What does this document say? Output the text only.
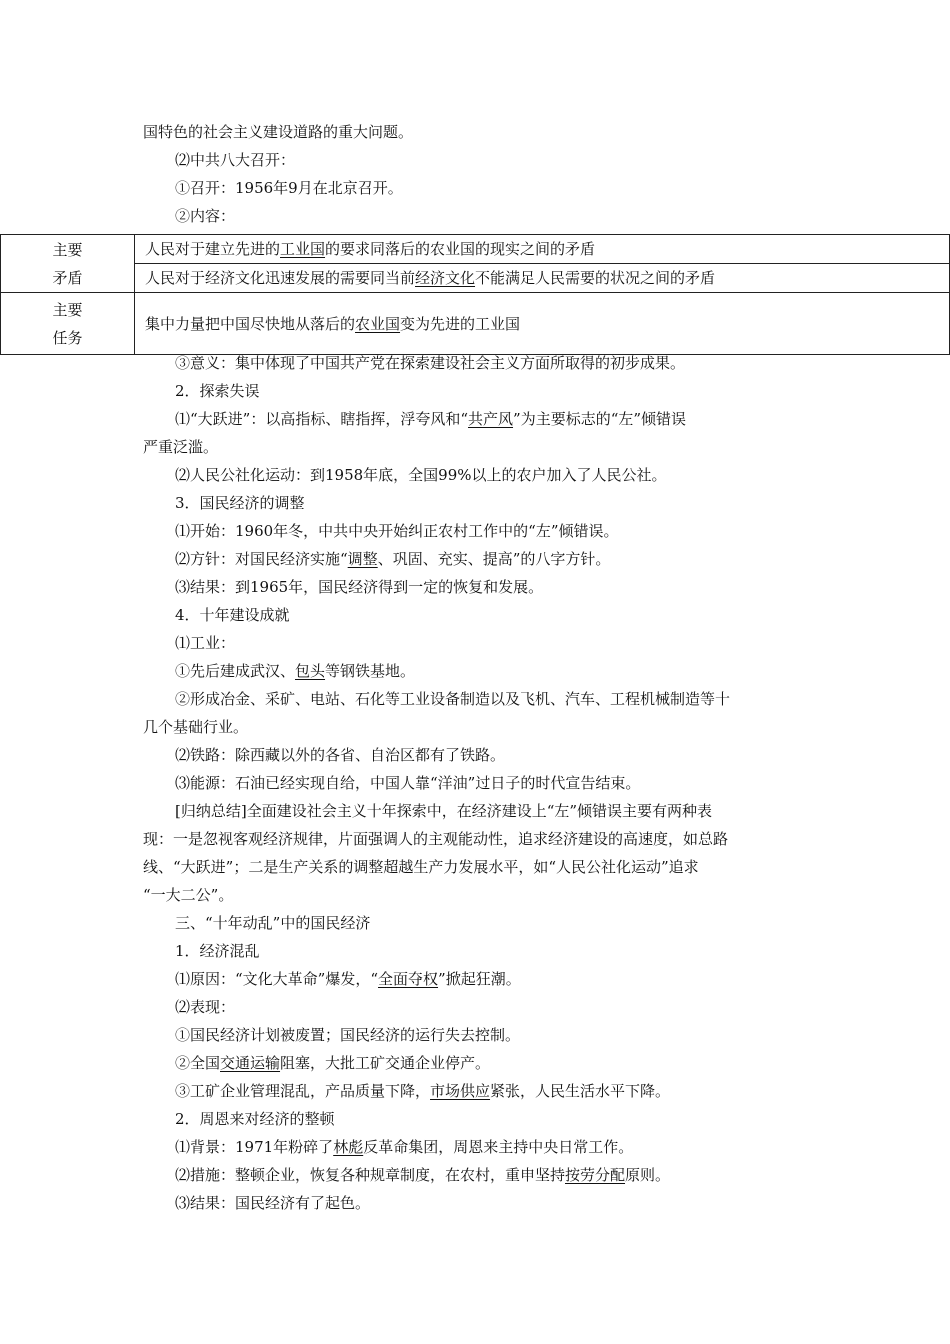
国特色的社会主义建设道路的重大问题。
⑵中共八大召开：
①召开：1956年9月在北京召开。
②内容：
主要
矛盾	人民对于建立先进的工业国的要求同落后的农业国的现实之间的矛盾
	人民对于经济文化迅速发展的需要同当前经济文化不能满足人民需要的状况之间的矛盾

主要
任务	集中力量把中国尽快地从落后的农业国变为先进的工业国
③意义：集中体现了中国共产党在探索建设社会主义方面所取得的初步成果。
2．探索失误
⑴“大跃进”：以高指标、瞎指挥，浮夸风和“共产风”为主要标志的“左”倾错误
严重泛滥。
⑵人民公社化运动：到1958年底，全国99%以上的农户加入了人民公社。
3．国民经济的调整
⑴开始：1960年冬，中共中央开始纠正农村工作中的“左”倾错误。
⑵方针：对国民经济实施“调整、巩固、充实、提高”的八字方针。
⑶结果：到1965年，国民经济得到一定的恢复和发展。
4．十年建设成就
⑴工业：
①先后建成武汉、包头等钢铁基地。
②形成冶金、采矿、电站、石化等工业设备制造以及飞机、汽车、工程机械制造等十
几个基础行业。
⑵铁路：除西藏以外的各省、自治区都有了铁路。
⑶能源：石油已经实现自给，中国人靠“洋油”过日子的时代宣告结束。
[归纳总结]全面建设社会主义十年探索中，在经济建设上“左”倾错误主要有两种表
现：一是忽视客观经济规律，片面强调人的主观能动性，追求经济建设的高速度，如总路
线、“大跃进”；二是生产关系的调整超越生产力发展水平，如“人民公社化运动”追求
“一大二公”。
三、“十年动乱”中的国民经济
1．经济混乱
⑴原因：“文化大革命”爆发，“全面夺权”掀起狂潮。
⑵表现：
①国民经济计划被废置；国民经济的运行失去控制。
②全国交通运输阻塞，大批工矿交通企业停产。
③工矿企业管理混乱，产品质量下降，市场供应紧张，人民生活水平下降。
2．周恩来对经济的整顿
⑴背景：1971年粉碎了林彪反革命集团，周恩来主持中央日常工作。
⑵措施：整顿企业，恢复各种规章制度，在农村，重申坚持按劳分配原则。
⑶结果：国民经济有了起色。
